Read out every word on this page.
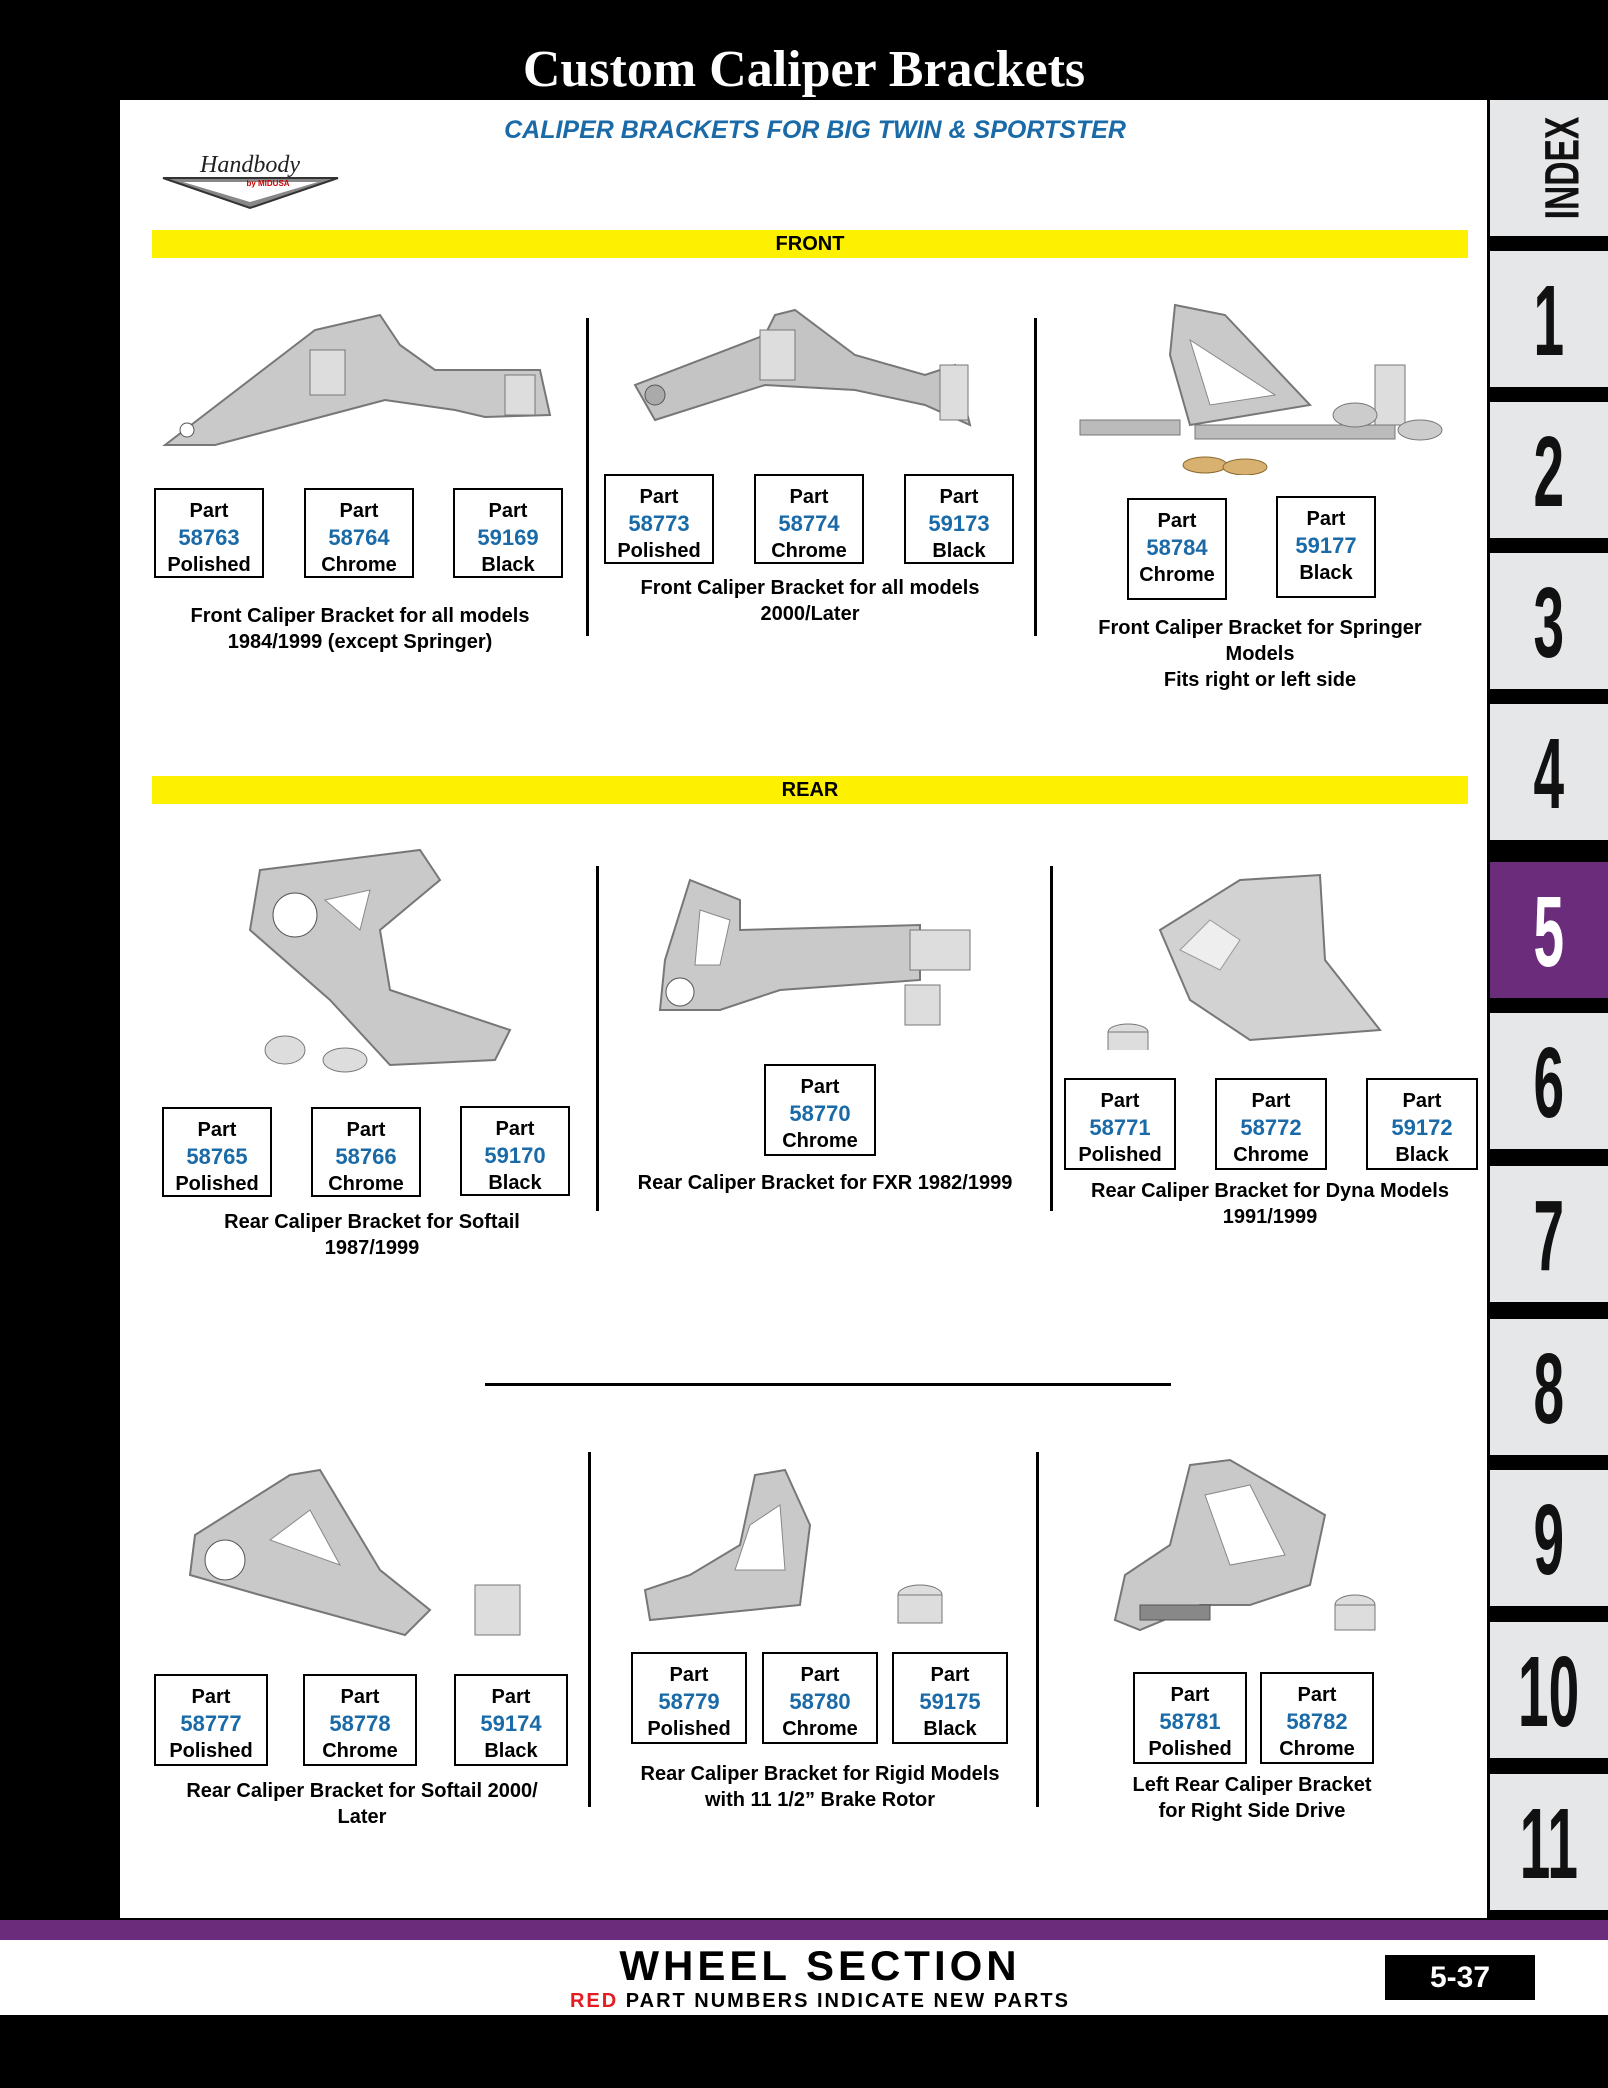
Custom Caliper Brackets
CALIPER BRACKETS FOR BIG TWIN & SPORTSTER
Handbody
by MIDUSA
FRONT
REAR
Part
58763
Polished
Part
58764
Chrome
Part
59169
Black
Part
58773
Polished
Part
58774
Chrome
Part
59173
Black
Part
58784
Chrome
Part
59177
Black
Part
58765
Polished
Part
58766
Chrome
Part
59170
Black
Part
58770
Chrome
Part
58771
Polished
Part
58772
Chrome
Part
59172
Black
Part
58777
Polished
Part
58778
Chrome
Part
59174
Black
Part
58779
Polished
Part
58780
Chrome
Part
59175
Black
Part
58781
Polished
Part
58782
Chrome
Front Caliper Bracket for all models
1984/1999 (except Springer)
Front Caliper Bracket for all models
2000/Later
Front Caliper Bracket for Springer
Models
Fits right or left side
Rear Caliper Bracket for Softail
1987/1999
Rear Caliper Bracket for FXR 1982/1999	Rear Caliper Bracket for Dyna Models
1991/1999
Rear Caliper Bracket for Softail 2000/
Later
Rear Caliper Bracket for Rigid Models
with 11 1/2” Brake Rotor
Left Rear Caliper Bracket
for Right Side Drive
INDEX
1
2
3
4
5
6
7
8
9
10
11
WHEEL SECTION
RED PART NUMBERS INDICATE NEW PARTS
5-37
